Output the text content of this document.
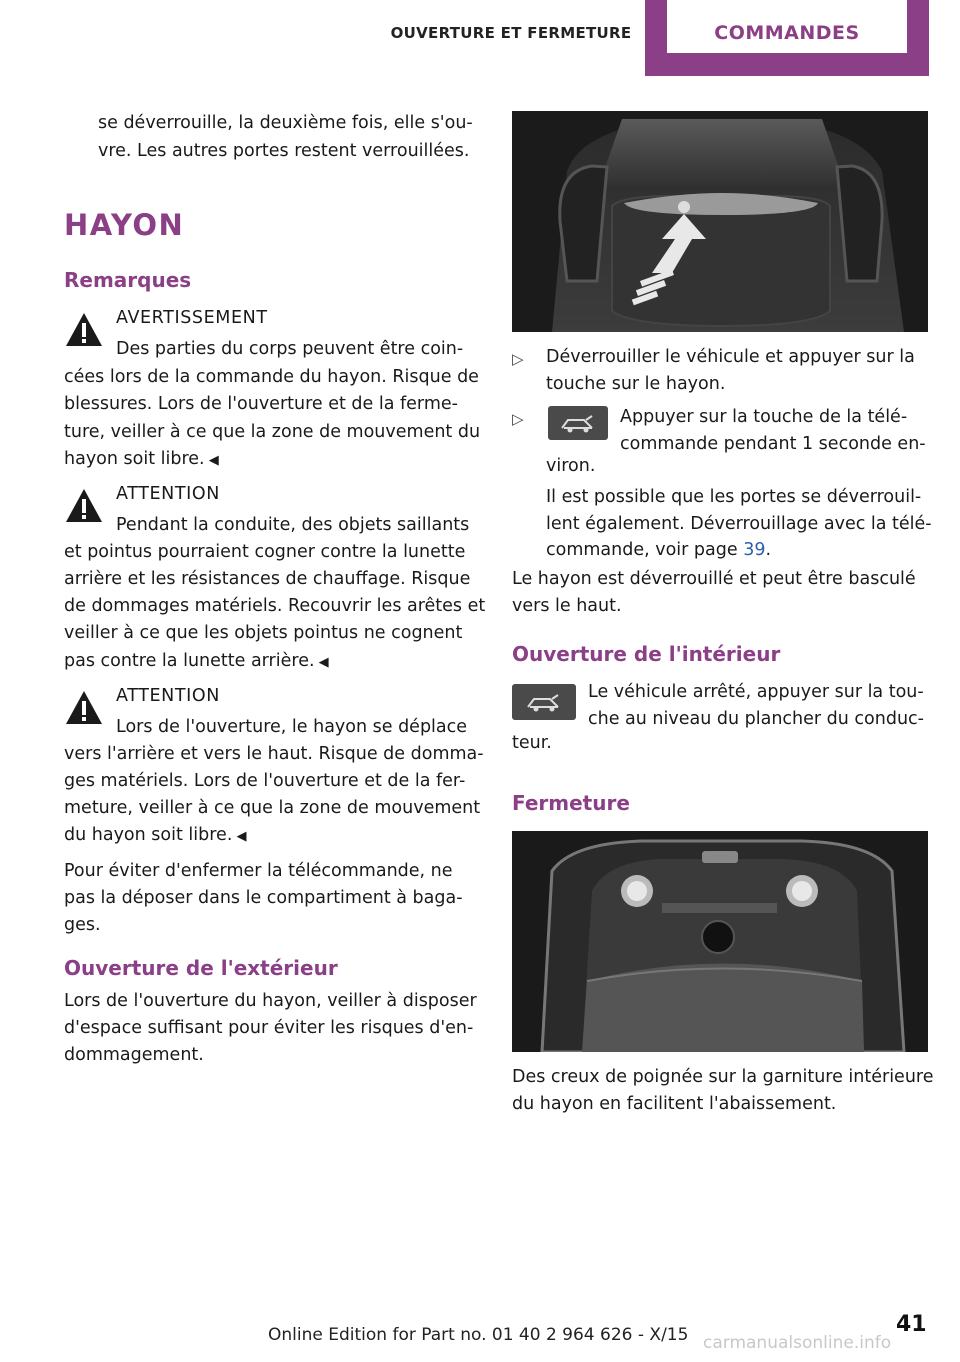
OUVERTURE ET FERMETURE	COMMANDES
se déverrouille, la deuxième fois, elle s'ou-
vre. Les autres portes restent verrouillées.
HAYON
Remarques
AVERTISSEMENT
Des parties du corps peuvent être coin-
cées lors de la commande du hayon. Risque de
blessures. Lors de l'ouverture et de la ferme-
ture, veiller à ce que la zone de mouvement du
hayon soit libre. ◀
ATTENTION
Pendant la conduite, des objets saillants
et pointus pourraient cogner contre la lunette
arrière et les résistances de chauffage. Risque
de dommages matériels. Recouvrir les arêtes et
veiller à ce que les objets pointus ne cognent
pas contre la lunette arrière. ◀
ATTENTION
Lors de l'ouverture, le hayon se déplace
vers l'arrière et vers le haut. Risque de domma-
ges matériels. Lors de l'ouverture et de la fer-
meture, veiller à ce que la zone de mouvement
du hayon soit libre. ◀
Pour éviter d'enfermer la télécommande, ne
pas la déposer dans le compartiment à baga-
ges.
Ouverture de l'extérieur
Lors de l'ouverture du hayon, veiller à disposer
d'espace suffisant pour éviter les risques d'en-
dommagement.
▷ Déverrouiller le véhicule et appuyer sur la
touche sur le hayon.
▷	Appuyer sur la touche de la télé-
commande pendant 1 seconde en-
viron.
Il est possible que les portes se déverrouil-
lent également. Déverrouillage avec la télé-
commande, voir page 39.
Le hayon est déverrouillé et peut être basculé
vers le haut.
Ouverture de l'intérieur
Le véhicule arrêté, appuyer sur la tou-
che au niveau du plancher du conduc-
teur.
Fermeture
Des creux de poignée sur la garniture intérieure
du hayon en facilitent l'abaissement.
Online Edition for Part no. 01 40 2 964 626 - X/15	41
carmanualsonline.info
